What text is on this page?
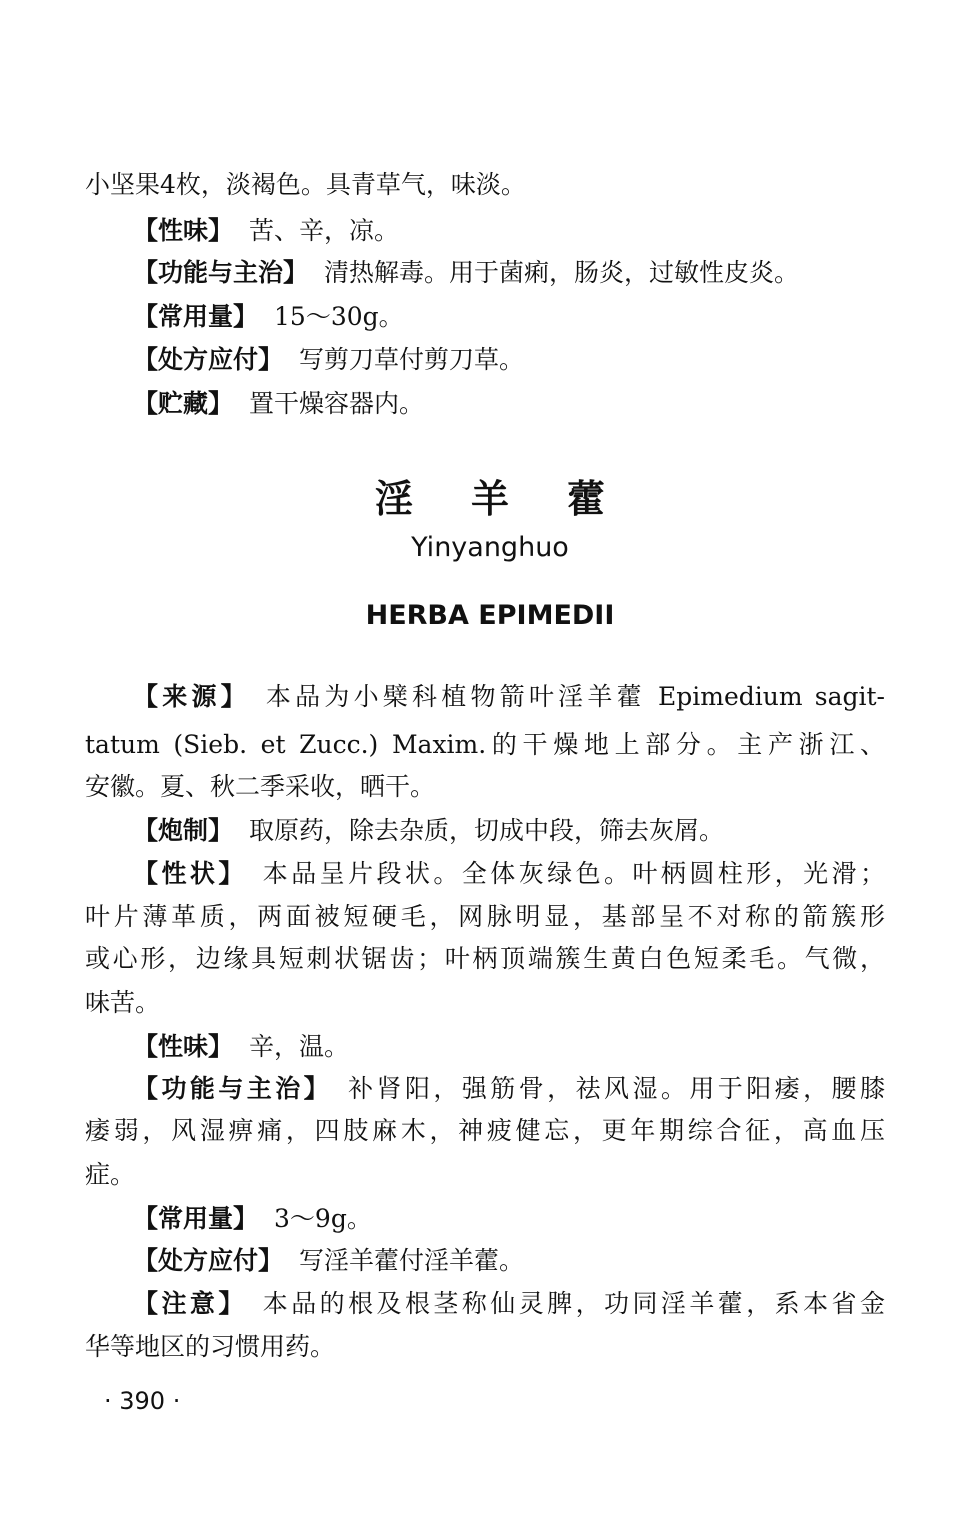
小坚果4枚，淡褐色。具青草气，味淡。
【性味】 苦、辛，凉。
【功能与主治】 清热解毒。用于菌痢，肠炎，过敏性皮炎。
【常用量】 15～30g。
【处方应付】 写剪刀草付剪刀草。
【贮藏】 置干燥容器内。
淫羊藿
Yinyanghuo
HERBA EPIMEDII
【来源】 本品为小檗科植物箭叶淫羊藿 Epimedium sagit-
tatum (Sieb. et Zucc.) Maxim.的干燥地上部分。主产浙江、
安徽。夏、秋二季采收，晒干。
【炮制】 取原药，除去杂质，切成中段，筛去灰屑。
【性状】 本品呈片段状。全体灰绿色。叶柄圆柱形，光滑；
叶片薄革质，两面被短硬毛，网脉明显，基部呈不对称的箭簇形
或心形，边缘具短刺状锯齿；叶柄顶端簇生黄白色短柔毛。气微，
味苦。
【性味】 辛，温。
【功能与主治】 补肾阳，强筋骨，祛风湿。用于阳痿，腰膝
痿弱，风湿痹痛，四肢麻木，神疲健忘，更年期综合征，高血压
症。
【常用量】 3～9g。
【处方应付】 写淫羊藿付淫羊藿。
【注意】 本品的根及根茎称仙灵脾，功同淫羊藿，系本省金
华等地区的习惯用药。
· 390 ·
